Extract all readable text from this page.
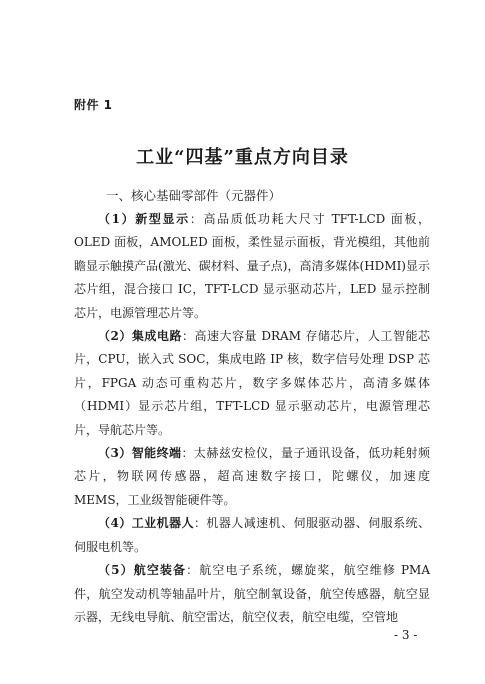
附件 1
工业“四基”重点方向目录
一、核心基础零部件（元器件）

（1）新型显示：高品质低功耗大尺寸 TFT-LCD 面板，OLED 面板，AMOLED 面板，柔性显示面板，背光模组，其他前瞻显示触摸产品(激光、碳材料、量子点)，高清多媒体(HDMI)显示芯片组，混合接口 IC，TFT-LCD 显示驱动芯片，LED 显示控制芯片，电源管理芯片等。

（2）集成电路：高速大容量 DRAM 存储芯片，人工智能芯片，CPU，嵌入式 SOC，集成电路 IP 核，数字信号处理 DSP 芯片，FPGA 动态可重构芯片，数字多媒体芯片，高清多媒体（HDMI）显示芯片组，TFT-LCD 显示驱动芯片，电源管理芯片，导航芯片等。

（3）智能终端：太赫兹安检仪，量子通讯设备，低功耗射频芯片，物联网传感器，超高速数字接口，陀螺仪，加速度 MEMS，工业级智能硬件等。

（4）工业机器人：机器人减速机、伺服驱动器、伺服系统、伺服电机等。

（5）航空装备：航空电子系统，螺旋桨，航空维修 PMA 件，航空发动机等轴晶叶片，航空制氧设备，航空传感器，航空显示器，无线电导航、航空雷达，航空仪表，航空电缆，空管地

- 3 -
